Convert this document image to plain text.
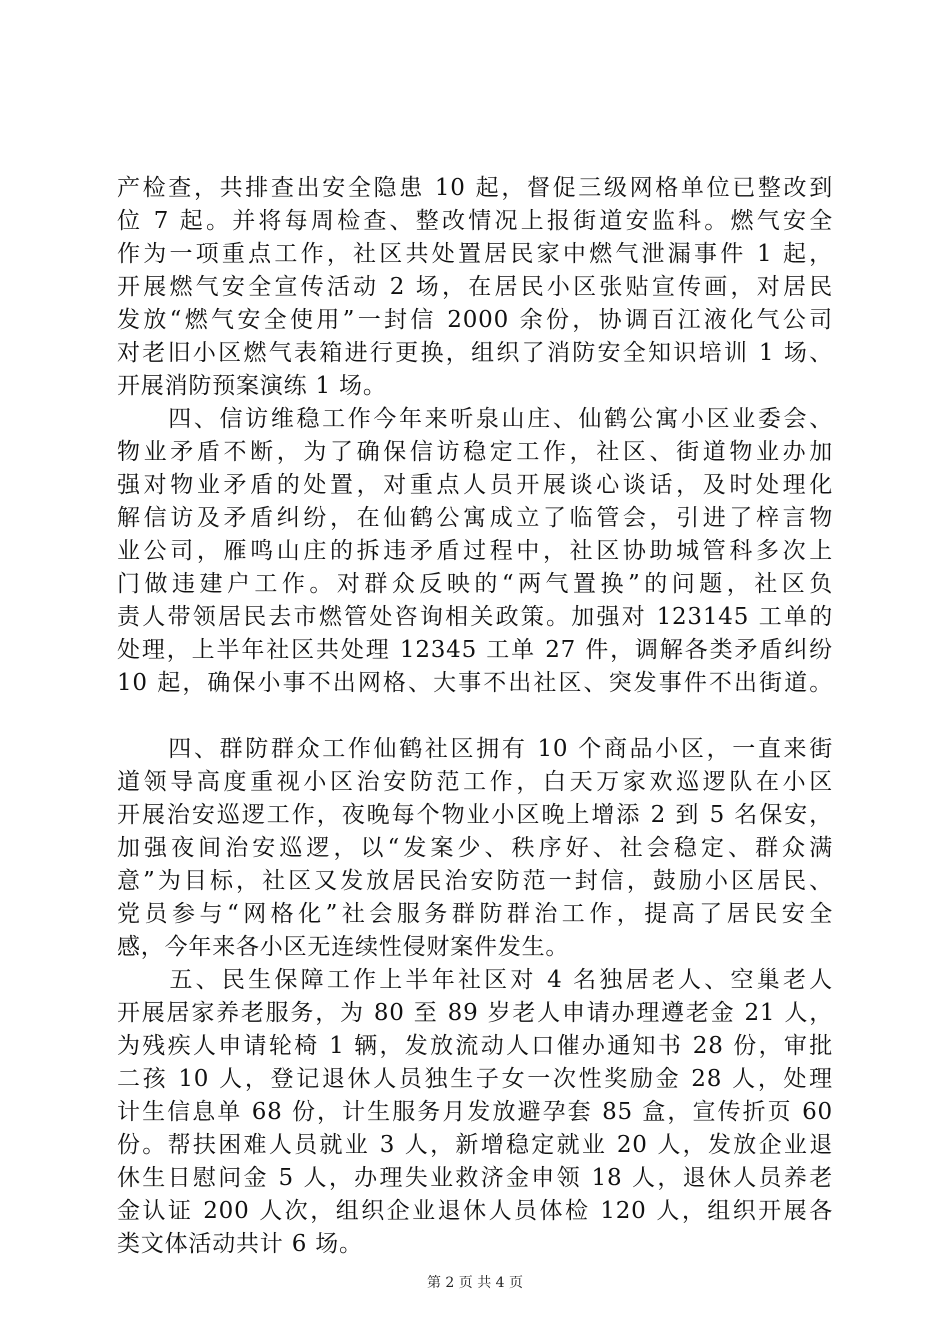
产检查，共排查出安全隐患 10 起，督促三级网格单位已整改到
位 7 起。并将每周检查、整改情况上报街道安监科。燃气安全
作为一项重点工作，社区共处置居民家中燃气泄漏事件 1 起，
开展燃气安全宣传活动 2 场，在居民小区张贴宣传画，对居民
发放“燃气安全使用”一封信 2000 余份，协调百江液化气公司
对老旧小区燃气表箱进行更换，组织了消防安全知识培训 1 场、
开展消防预案演练 1 场。
　　四、信访维稳工作今年来听泉山庄、仙鹤公寓小区业委会、
物业矛盾不断，为了确保信访稳定工作，社区、街道物业办加
强对物业矛盾的处置，对重点人员开展谈心谈话，及时处理化
解信访及矛盾纠纷，在仙鹤公寓成立了临管会，引进了梓言物
业公司，雁鸣山庄的拆违矛盾过程中，社区协助城管科多次上
门做违建户工作。对群众反映的“两气置换”的问题，社区负
责人带领居民去市燃管处咨询相关政策。加强对 123145 工单的
处理，上半年社区共处理 12345 工单 27 件，调解各类矛盾纠纷
10 起，确保小事不出网格、大事不出社区、突发事件不出街道。
　　四、群防群众工作仙鹤社区拥有 10 个商品小区，一直来街
道领导高度重视小区治安防范工作，白天万家欢巡逻队在小区
开展治安巡逻工作，夜晚每个物业小区晚上增添 2 到 5 名保安，
加强夜间治安巡逻，以“发案少、秩序好、社会稳定、群众满
意”为目标，社区又发放居民治安防范一封信，鼓励小区居民、
党员参与“网格化”社会服务群防群治工作，提高了居民安全
感，今年来各小区无连续性侵财案件发生。
　　五、民生保障工作上半年社区对 4 名独居老人、空巢老人
开展居家养老服务，为 80 至 89 岁老人申请办理遵老金 21 人，
为残疾人申请轮椅 1 辆，发放流动人口催办通知书 28 份，审批
二孩 10 人，登记退休人员独生子女一次性奖励金 28 人，处理
计生信息单 68 份，计生服务月发放避孕套 85 盒，宣传折页 60
份。帮扶困难人员就业 3 人，新增稳定就业 20 人，发放企业退
休生日慰问金 5 人，办理失业救济金申领 18 人，退休人员养老
金认证 200 人次，组织企业退休人员体检 120 人，组织开展各
类文体活动共计 6 场。
第 2 页 共 4 页
